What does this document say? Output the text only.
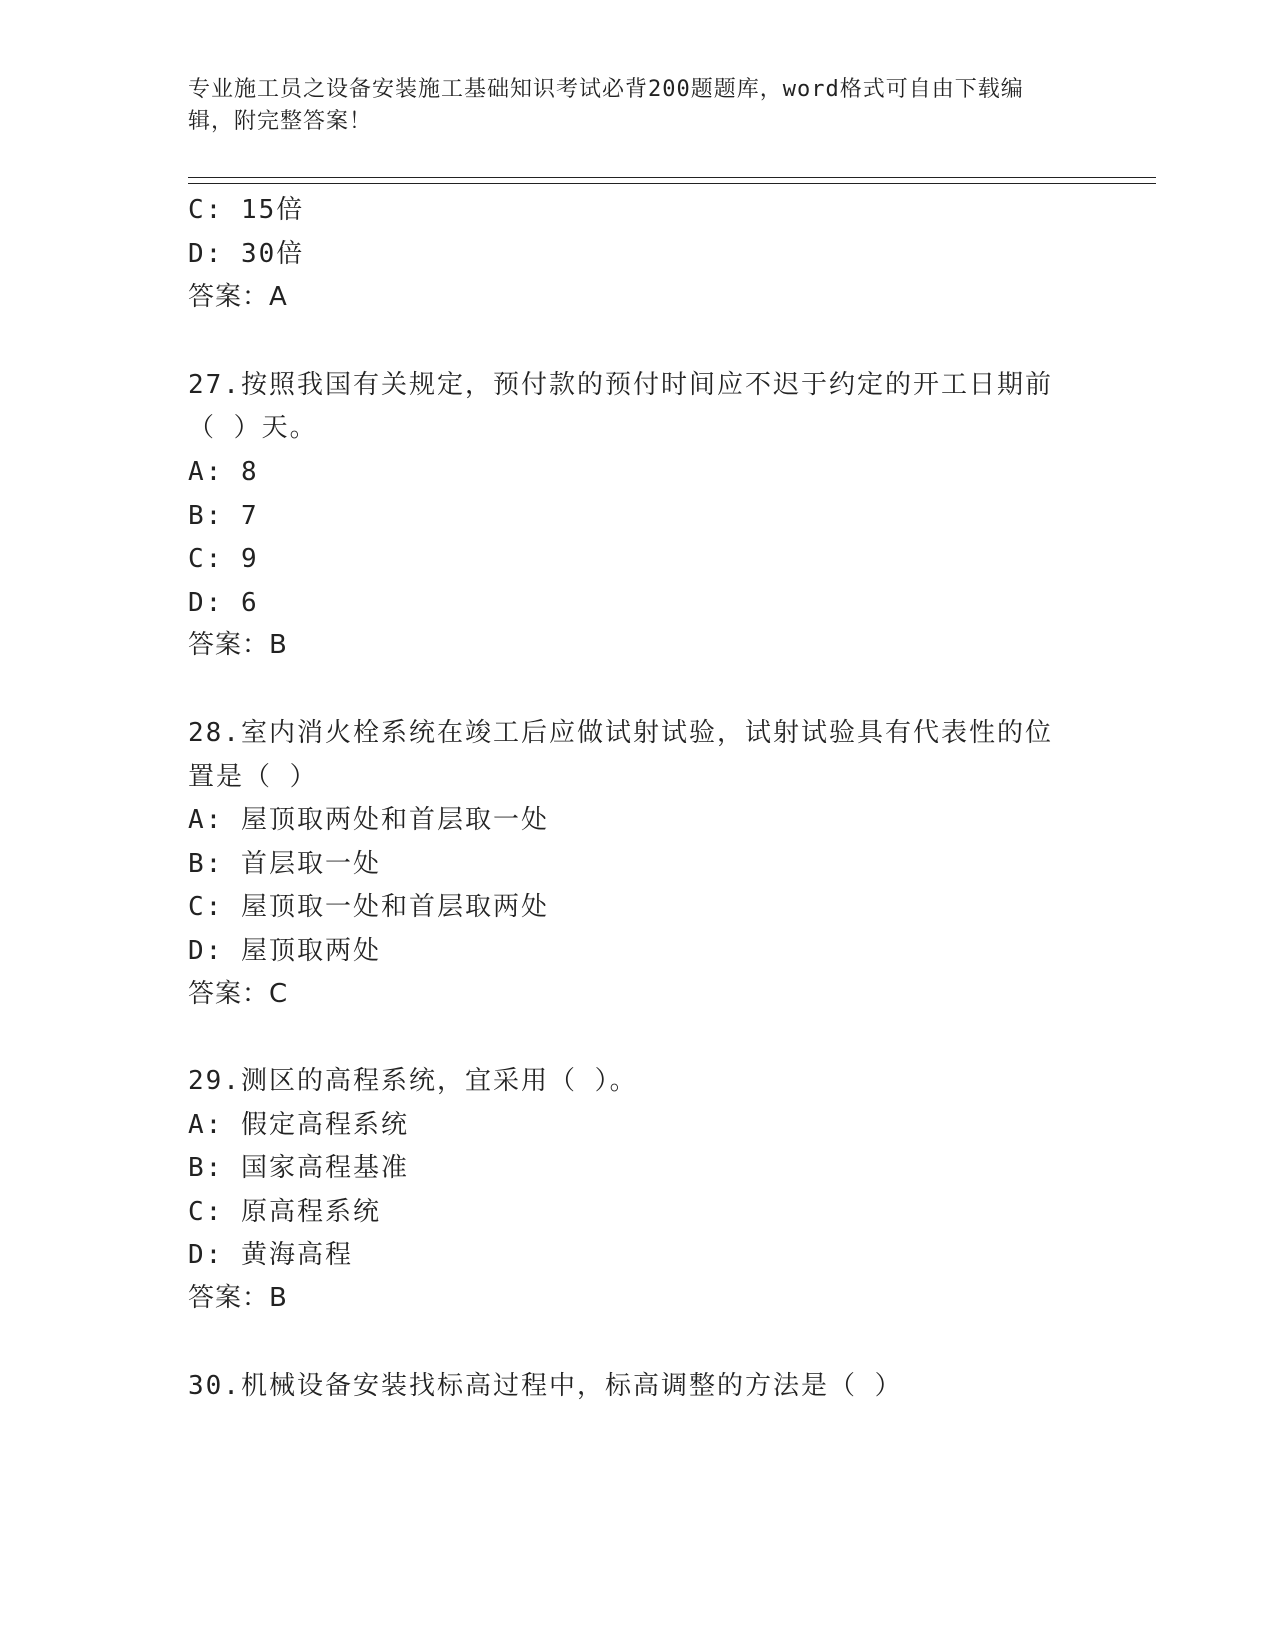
专业施工员之设备安装施工基础知识考试必背200题题库，word格式可自由下载编辑，附完整答案！
C: 15倍
D: 30倍
答案：A
27.按照我国有关规定，预付款的预付时间应不迟于约定的开工日期前
（ ）天。
A: 8
B: 7
C: 9
D: 6
答案：B
28.室内消火栓系统在竣工后应做试射试验，试射试验具有代表性的位
置是（ ）
A: 屋顶取两处和首层取一处
B: 首层取一处
C: 屋顶取一处和首层取两处
D: 屋顶取两处
答案：C
29.测区的高程系统，宜采用（ ）。
A: 假定高程系统
B: 国家高程基准
C: 原高程系统
D: 黄海高程
答案：B
30.机械设备安装找标高过程中，标高调整的方法是（ ）
